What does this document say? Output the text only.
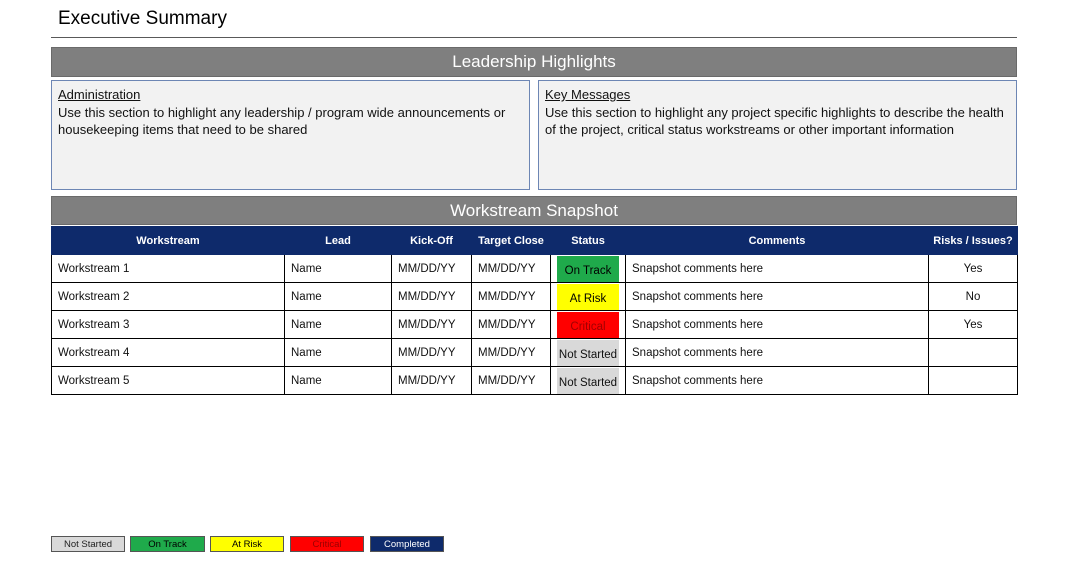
Executive Summary
Leadership Highlights
Administration
Use this section to highlight any leadership / program wide announcements or housekeeping items that need to be shared
Key Messages
Use this section to highlight any project specific highlights to describe the health of the project, critical status workstreams or other important information
Workstream Snapshot
Workstream	Lead	Kick-Off	Target Close	Status	Comments	Risks / Issues?
Workstream 1	Name	MM/DD/YY	MM/DD/YY	On Track	Snapshot comments here	Yes
Workstream 2	Name	MM/DD/YY	MM/DD/YY	At Risk	Snapshot comments here	No
Workstream 3	Name	MM/DD/YY	MM/DD/YY	Critical	Snapshot comments here	Yes
Workstream 4	Name	MM/DD/YY	MM/DD/YY	Not Started	Snapshot comments here	
Workstream 5	Name	MM/DD/YY	MM/DD/YY	Not Started	Snapshot comments here	
Not Started	On Track	At Risk	Critical	Completed
